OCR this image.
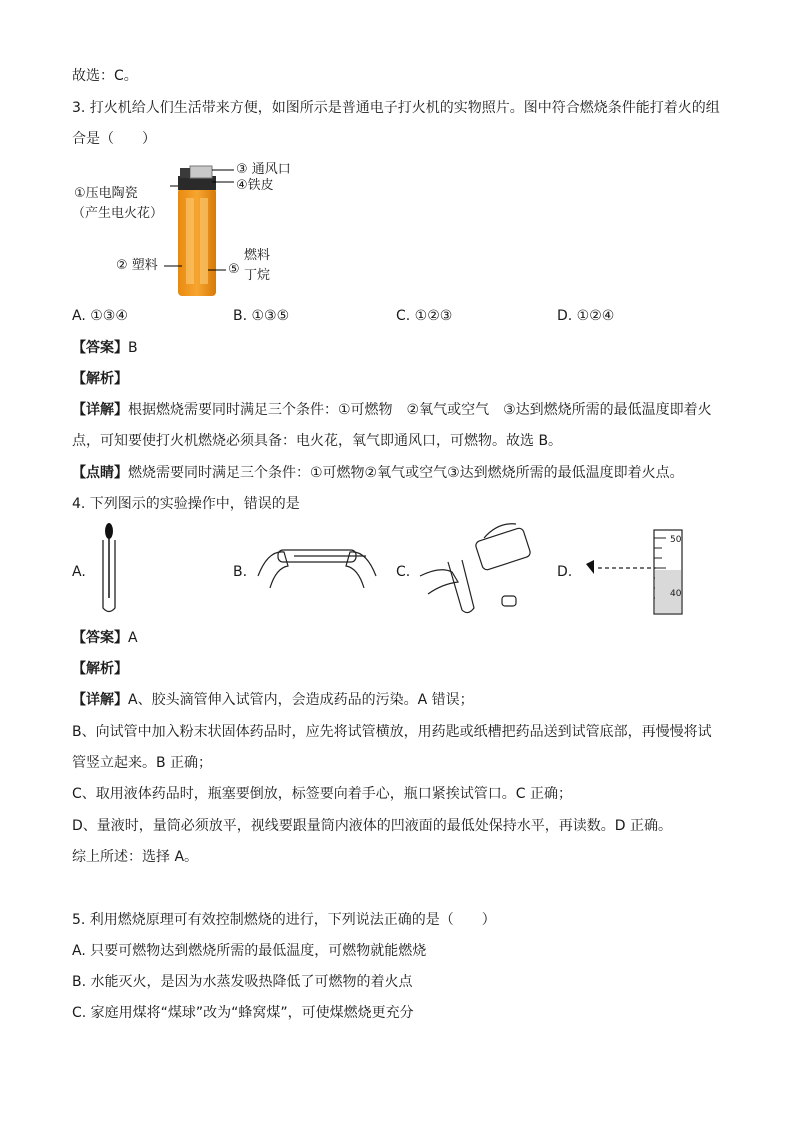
故选：C。
3. 打火机给人们生活带来方便，如图所示是普通电子打火机的实物照片。图中符合燃烧条件能打着火的组
合是（　　）
③ 通风口
④铁皮
①压电陶瓷
（产生电火花）
② 塑料	⑤
燃料
丁烷
A. ①③④	B. ①③⑤	C. ①②③	D. ①②④
【答案】B
【解析】
【详解】根据燃烧需要同时满足三个条件：①可燃物　②氧气或空气　③达到燃烧所需的最低温度即着火
点，可知要使打火机燃烧必须具备：电火花，氧气即通风口，可燃物。故选 B。
【点睛】燃烧需要同时满足三个条件：①可燃物②氧气或空气③达到燃烧所需的最低温度即着火点。
4. 下列图示的实验操作中，错误的是
A.	B.	C.	D.
50
40
【答案】A
【解析】
【详解】A、胶头滴管伸入试管内，会造成药品的污染。A 错误；
B、向试管中加入粉末状固体药品时，应先将试管横放，用药匙或纸槽把药品送到试管底部，再慢慢将试
管竖立起来。B 正确；
C、取用液体药品时，瓶塞要倒放，标签要向着手心，瓶口紧挨试管口。C 正确；
D、量液时，量筒必须放平，视线要跟量筒内液体的凹液面的最低处保持水平，再读数。D 正确。
综上所述：选择 A。
5. 利用燃烧原理可有效控制燃烧的进行，下列说法正确的是（　　）
A. 只要可燃物达到燃烧所需的最低温度，可燃物就能燃烧
B. 水能灭火，是因为水蒸发吸热降低了可燃物的着火点
C. 家庭用煤将“煤球”改为“蜂窝煤”，可使煤燃烧更充分
